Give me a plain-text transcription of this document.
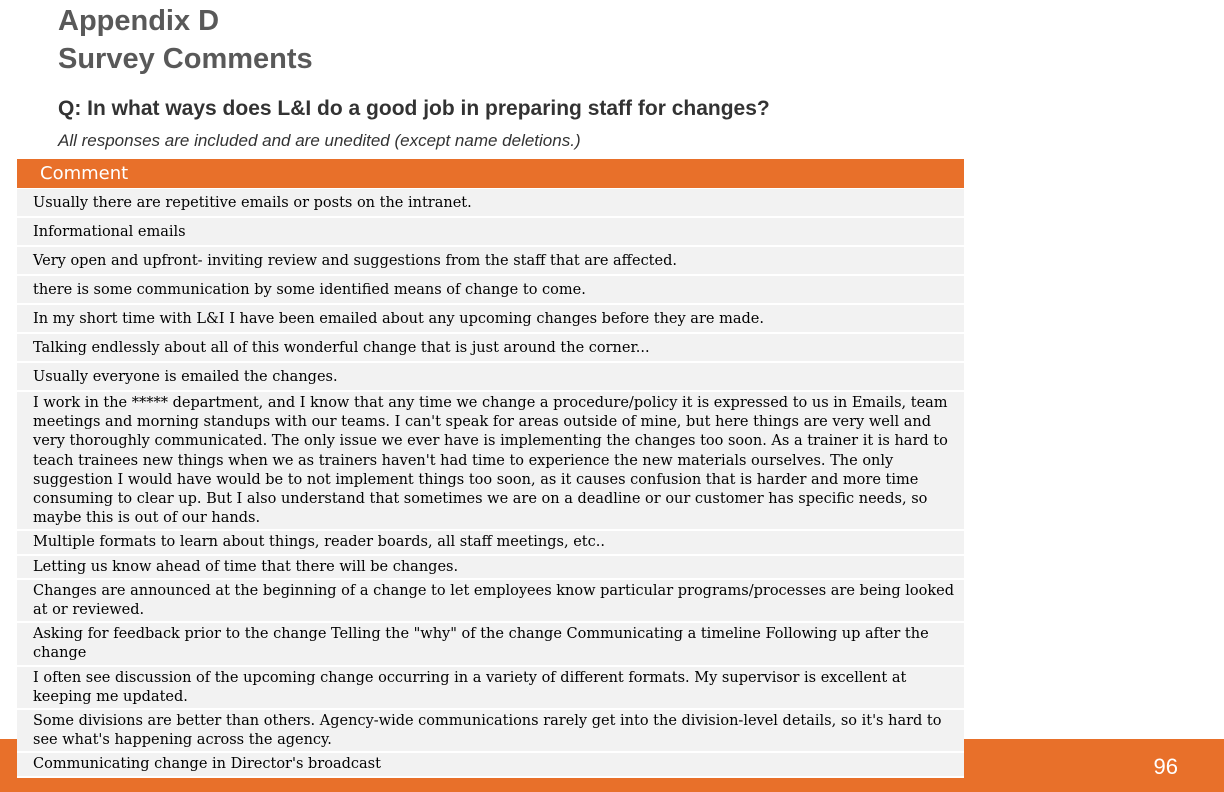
96
Appendix D
Survey Comments
Q: In what ways does L&I do a good job in preparing staff for changes?
All responses are included and are unedited (except name deletions.)
Comment
Usually there are repetitive emails or posts on the intranet.
Informational emails
Very open and upfront- inviting review and suggestions from the staff that are affected.
there is some communication by some identified means of change to come.
In my short time with L&I I have been emailed about any upcoming changes before they are made.
Talking endlessly about all of this wonderful change that is just around the corner...
Usually everyone is emailed the changes.
I work in the ***** department, and I know that any time we change a procedure/policy it is expressed to us in Emails, team meetings and morning standups with our teams. I can't speak for areas outside of mine, but here things are very well and very thoroughly communicated. The only issue we ever have is implementing the changes too soon. As a trainer it is hard to teach trainees new things when we as trainers haven't had time to experience the new materials ourselves. The only suggestion I would have would be to not implement things too soon, as it causes confusion that is harder and more time consuming to clear up. But I also understand that sometimes we are on a deadline or our customer has specific needs, so maybe this is out of our hands.
Multiple formats to learn about things, reader boards, all staff meetings, etc..
Letting us know ahead of time that there will be changes.
Changes are announced at the beginning of a change to let employees know particular programs/processes are being looked at or reviewed.
Asking for feedback prior to the change Telling the "why" of the change Communicating a timeline Following up after the change
I often see discussion of the upcoming change occurring in a variety of different formats. My supervisor is excellent at keeping me updated.
Some divisions are better than others. Agency-wide communications rarely get into the division-level details, so it's hard to see what's happening across the agency.
Communicating change in Director's broadcast
